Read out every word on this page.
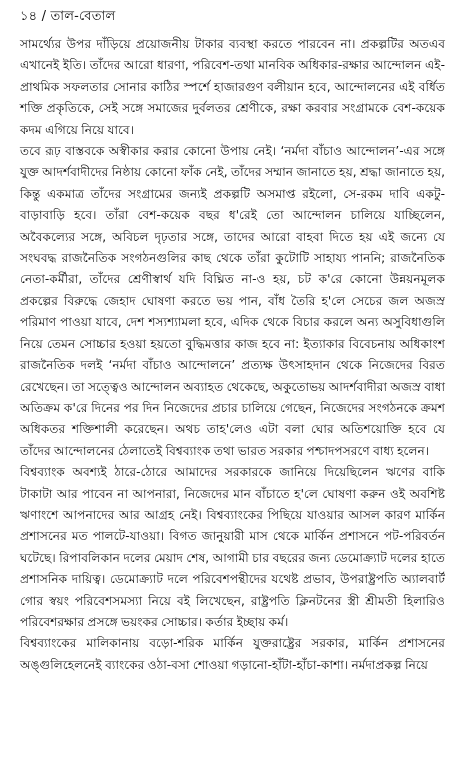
১৪ / তাল-বেতাল

সামর্থ্যের উপর দাঁড়িয়ে প্রয়োজনীয় টাকার ব্যবস্থা করতে পারবেন না। প্রকল্পটির অতএব এখানেই ইতি। তাঁদের আরো ধারণা, পরিবেশ-তথা মানবিক অধিকার-রক্ষার আন্দোলন এই-প্রাথমিক সফলতার সোনার কাঠির স্পর্শে হাজারগুণ বলীয়ান হবে, আন্দোলনের এই বর্ধিত শক্তি প্রকৃতিকে, সেই সঙ্গে সমাজের দুর্বলতর শ্রেণীকে, রক্ষা করবার সংগ্রামকে বেশ-কয়েক কদম এগিয়ে নিয়ে যাবে।

তবে রূঢ় বাস্তবকে অস্বীকার করার কোনো উপায় নেই। ‘নর্মদা বাঁচাও আন্দোলন’-এর সঙ্গে যুক্ত আদর্শবাদীদের নিষ্ঠায় কোনো ফাঁক নেই, তাঁদের সম্মান জানাতে হয়, শ্রদ্ধা জানাতে হয়, কিন্তু একমাত্র তাঁদের সংগ্রামের জন্যই প্রকল্পটি অসমাপ্ত রইলো, সে-রকম দাবি একটু-বাড়াবাড়ি হবে। তাঁরা বেশ-কয়েক বছর ধ'রেই তো আন্দোলন চালিয়ে যাচ্ছিলেন, অবৈকল্যের সঙ্গে, অবিচল দৃঢ়তার সঙ্গে, তাদের আরো বাহবা দিতে হয় এই জন্যে যে সংঘবদ্ধ রাজনৈতিক সংগঠনগুলির কাছ থেকে তাঁরা কুটোটি সাহায্য পাননি; রাজনৈতিক নেতা-কর্মীরা, তাঁদের শ্রেণীস্বার্থ যদি বিঘ্নিত না-ও হয়, চট ক'রে কোনো উন্নয়নমূলক প্রকল্পের বিরুদ্ধে জেহাদ ঘোষণা করতে ভয় পান, বাঁধ তৈরি হ'লে সেচের জল অজস্র পরিমাণ পাওয়া যাবে, দেশ শস্যশ্যামলা হবে, এদিক থেকে বিচার করলে অন্য অসুবিধাগুলি নিয়ে তেমন সোচ্চার হওয়া হয়তো বুদ্ধিমত্তার কাজ হবে না: ইত্যাকার বিবেচনায় অধিকাংশ রাজনৈতিক দলই ‘নর্মদা বাঁচাও আন্দোলনে’ প্রত্যক্ষ উৎসাহদান থেকে নিজেদের বিরত রেখেছেন। তা সত্ত্বেও আন্দোলন অব্যাহত থেকেছে, অকুতোভয় আদর্শবাদীরা অজস্র বাধা অতিক্রম ক'রে দিনের পর দিন নিজেদের প্রচার চালিয়ে গেছেন, নিজেদের সংগঠনকে ক্রমশ অধিকতর শক্তিশালী করেছেন। অথচ তাহ'লেও এটা বলা ঘোর অতিশয়োক্তি হবে যে তাঁদের আন্দোলনের ঠেলাতেই বিশ্বব্যাংক তথা ভারত সরকার পশ্চাদপসরণে বাধ্য হলেন।

বিশ্বব্যাংক অবশ্যই ঠারে-ঠোরে আমাদের সরকারকে জানিয়ে দিয়েছিলেন ঋণের বাকি টাকাটা আর পাবেন না আপনারা, নিজেদের মান বাঁচাতে হ'লে ঘোষণা করুন ওই অবশিষ্ট ঋণাংশে আপনাদের আর আগ্রহ নেই। বিশ্বব্যাংকের পিছিয়ে যাওয়ার আসল কারণ মার্কিন প্রশাসনের মত পালটে-যাওয়া। বিগত জানুয়ারী মাস থেকে মার্কিন প্রশাসনে পট-পরিবর্তন ঘটেছে। রিপাবলিকান দলের মেয়াদ শেষ, আগামী চার বছরের জন্য ডেমোক্র্যাট দলের হাতে প্রশাসনিক দায়িত্ব। ডেমোক্র্যাট দলে পরিবেশপন্থীদের যথেষ্ট প্রভাব, উপরাষ্ট্রপতি অ্যালবার্ট গোর স্বয়ং পরিবেশসমস্যা নিয়ে বই লিখেছেন, রাষ্ট্রপতি ক্লিনটনের স্ত্রী শ্রীমতী হিলারিও পরিবেশরক্ষার প্রসঙ্গে ভয়ংকর সোচ্চার। কর্তার ইচ্ছায় কর্ম।

বিশ্বব্যাংকের মালিকানায় বড়ো-শরিক মার্কিন যুক্তরাষ্ট্রের সরকার, মার্কিন প্রশাসনের অঙ্গুলিহেলনেই ব্যাংকের ওঠা-বসা শোওয়া গড়ানো-হাঁটা-হাঁচা-কাশা। নর্মদাপ্রকল্প নিয়ে
